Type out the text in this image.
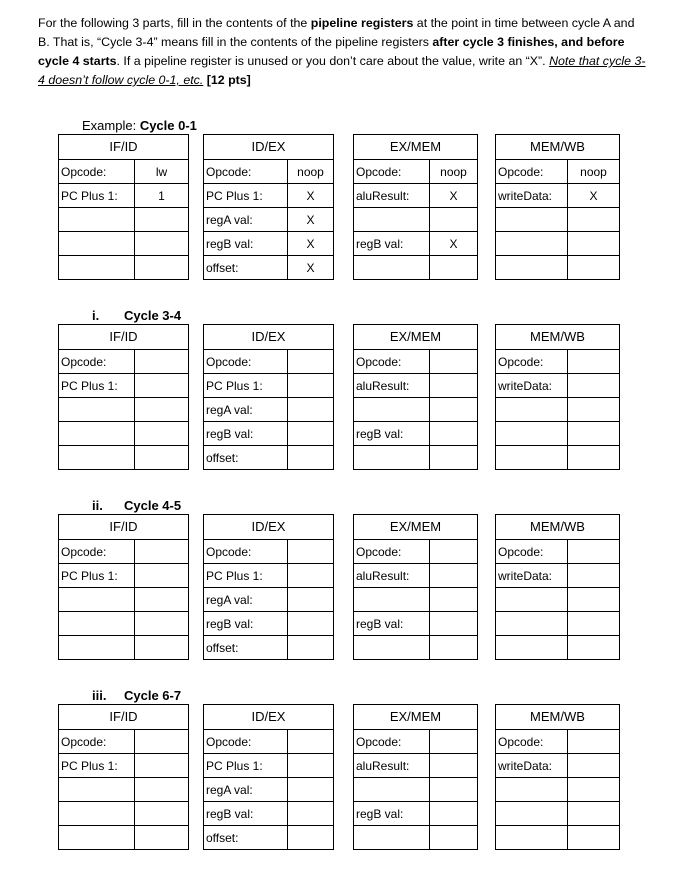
For the following 3 parts, fill in the contents of the pipeline registers at the point in time between cycle A and B. That is, “Cycle 3-4” means fill in the contents of the pipeline registers after cycle 3 finishes, and before cycle 4 starts. If a pipeline register is unused or you don’t care about the value, write an “X”. Note that cycle 3-4 doesn’t follow cycle 0-1, etc. [12 pts]
Example: Cycle 0-1
IF/ID	
Opcode:	lw
PC Plus 1:	1

ID/EX	
Opcode:	noop
PC Plus 1:	X
regA val:	X
regB val:	X
offset:	X
EX/MEM	
Opcode:	noop
aluResult:	X

regB val:	X

MEM/WB	
Opcode:	noop
writeData:	X

i. Cycle 3-4
IF/ID	
Opcode:	
PC Plus 1:	

ID/EX	
Opcode:	
PC Plus 1:	
regA val:	
regB val:	
offset:	
EX/MEM	
Opcode:	
aluResult:	

regB val:	

MEM/WB	
Opcode:	
writeData:	

ii. Cycle 4-5
IF/ID	
Opcode:	
PC Plus 1:	

ID/EX	
Opcode:	
PC Plus 1:	
regA val:	
regB val:	
offset:	
EX/MEM	
Opcode:	
aluResult:	

regB val:	

MEM/WB	
Opcode:	
writeData:	

iii. Cycle 6-7
IF/ID	
Opcode:	
PC Plus 1:	

ID/EX	
Opcode:	
PC Plus 1:	
regA val:	
regB val:	
offset:	
EX/MEM	
Opcode:	
aluResult:	

regB val:	

MEM/WB	
Opcode:	
writeData:	
